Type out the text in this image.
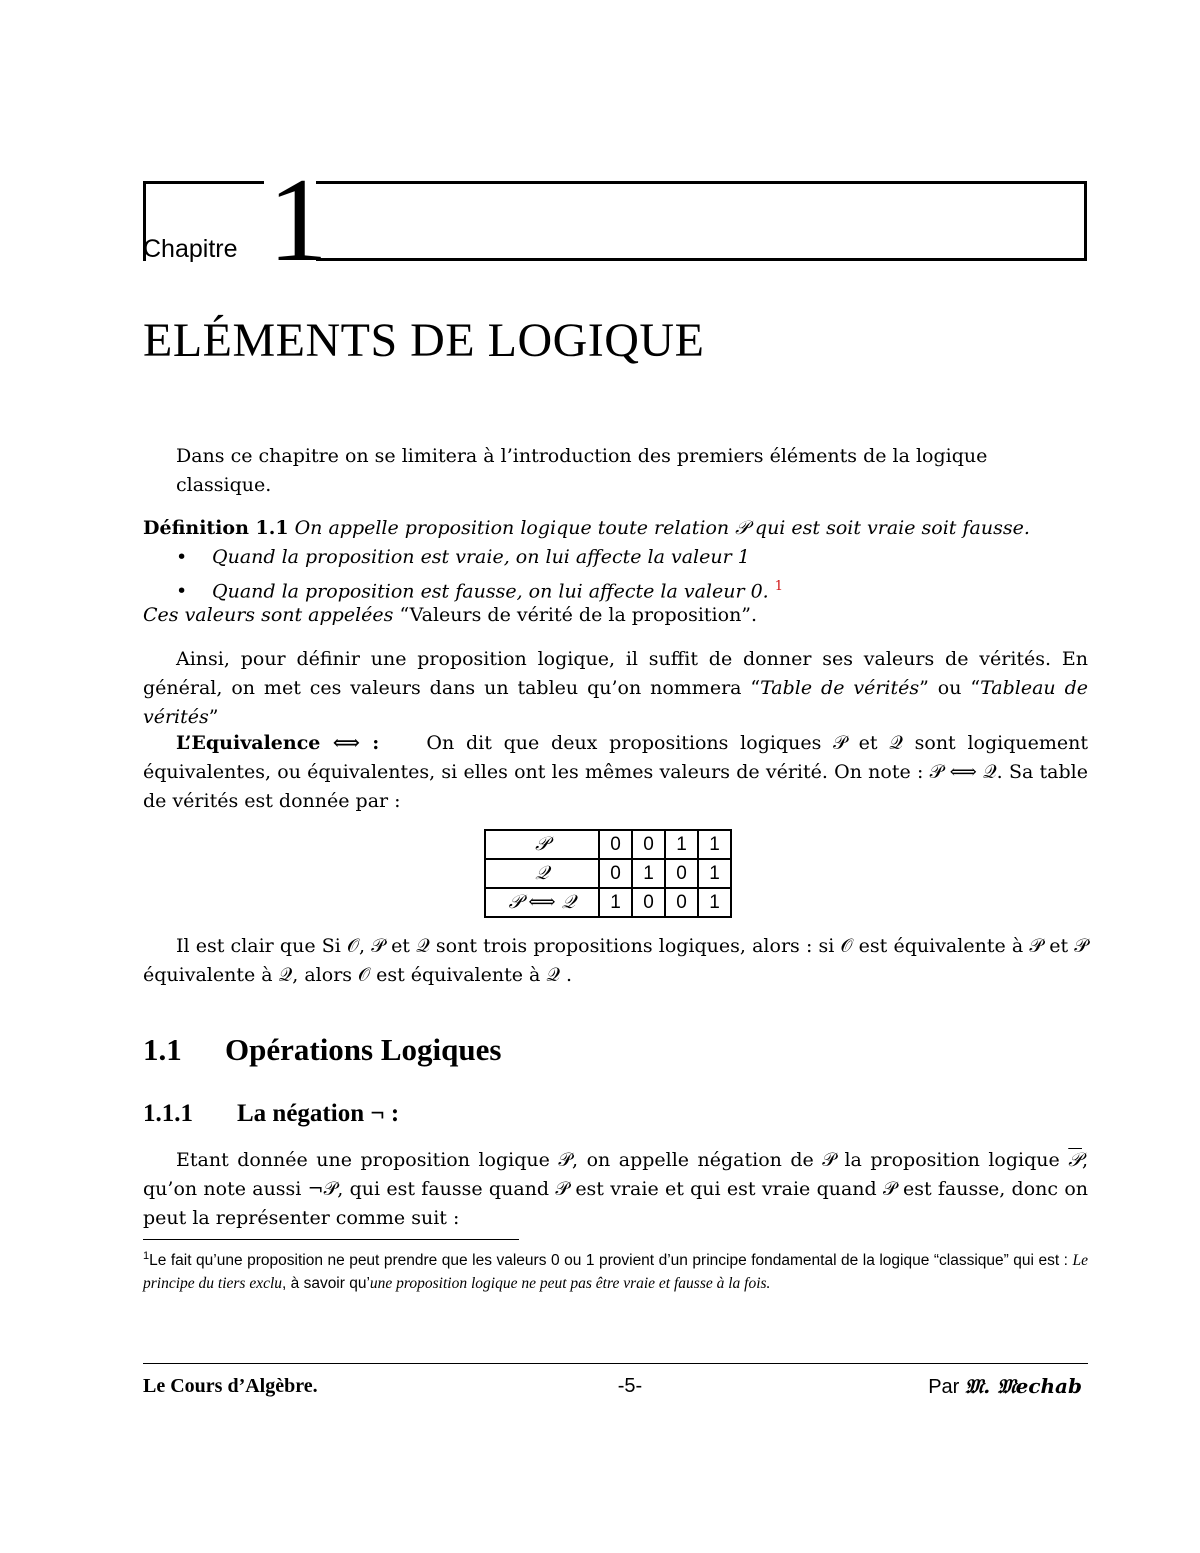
Chapitre 1
ELÉMENTS DE LOGIQUE
Dans ce chapitre on se limitera à l’introduction des premiers éléments de la logique classique.
Définition 1.1 On appelle proposition logique toute relation 𝒫 qui est soit vraie soit fausse.
• Quand la proposition est vraie, on lui affecte la valeur 1
• Quand la proposition est fausse, on lui affecte la valeur 0. $^1$
Ces valeurs sont appelées “Valeurs de vérité de la proposition”.
Ainsi, pour définir une proposition logique, il suffit de donner ses valeurs de vérités. En général, on met ces valeurs dans un tableu qu’on nommera “Table de vérités” ou “Tableau de vérités”
L’Equivalence ⟺ : On dit que deux propositions logiques 𝒫 et 𝒬 sont logiquement équivalentes, ou équivalentes, si elles ont les mêmes valeurs de vérité. On note : 𝒫 ⟺ 𝒬. Sa table de vérités est donnée par :
𝒫	0	0	1	1
𝒬	0	1	0	1
𝒫 ⟺ 𝒬	1	0	0	1
Il est clair que Si 𝒪, 𝒫 et 𝒬 sont trois propositions logiques, alors : si 𝒪 est équivalente à 𝒫 et 𝒫 équivalente à 𝒬, alors 𝒪 est équivalente à 𝒬 .
1.1 Opérations Logiques
1.1.1 La négation ¬ :
Etant donnée une proposition logique 𝒫, on appelle négation de 𝒫 la proposition logique 𝒫, qu’on note aussi ¬𝒫, qui est fausse quand 𝒫 est vraie et qui est vraie quand 𝒫 est fausse, donc on peut la représenter comme suit :
$^1$Le fait qu’une proposition ne peut prendre que les valeurs 0 ou 1 provient d’un principe fondamental de la logique “classique” qui est : Le principe du tiers exclu, à savoir qu’une proposition logique ne peut pas être vraie et fausse à la fois.
Le Cours d’Algèbre.	-5-	Par 𝔐. 𝔐echab
